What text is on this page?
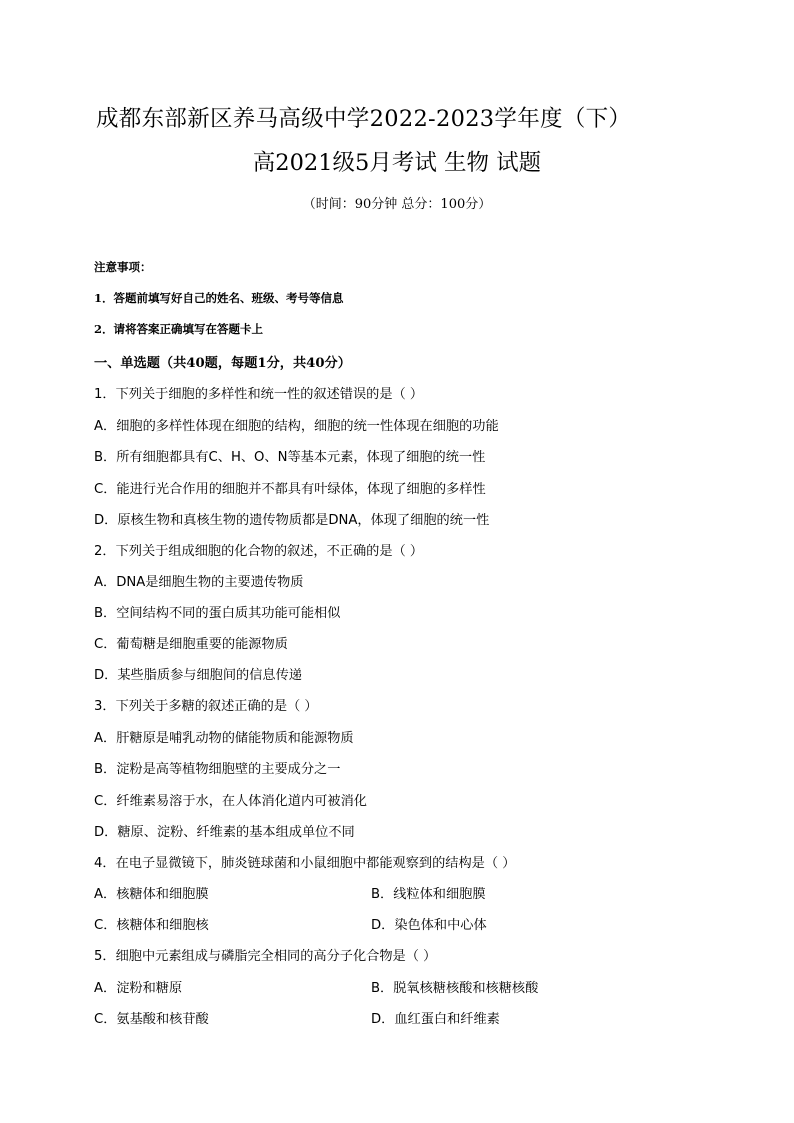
成都东部新区养马高级中学2022-2023学年度（下）
高2021级5月考试 生物 试题
（时间：90分钟 总分：100分）
注意事项：
1．答题前填写好自己的姓名、班级、考号等信息
2．请将答案正确填写在答题卡上
一、单选题（共40题，每题1分，共40分）
1．下列关于细胞的多样性和统一性的叙述错误的是（ ）
A．细胞的多样性体现在细胞的结构，细胞的统一性体现在细胞的功能
B．所有细胞都具有C、H、O、N等基本元素，体现了细胞的统一性
C．能进行光合作用的细胞并不都具有叶绿体，体现了细胞的多样性
D．原核生物和真核生物的遗传物质都是DNA，体现了细胞的统一性
2．下列关于组成细胞的化合物的叙述，不正确的是（ ）
A．DNA是细胞生物的主要遗传物质
B．空间结构不同的蛋白质其功能可能相似
C．葡萄糖是细胞重要的能源物质
D．某些脂质参与细胞间的信息传递
3．下列关于多糖的叙述正确的是（ ）
A．肝糖原是哺乳动物的储能物质和能源物质
B．淀粉是高等植物细胞壁的主要成分之一
C．纤维素易溶于水，在人体消化道内可被消化
D．糖原、淀粉、纤维素的基本组成单位不同
4．在电子显微镜下，肺炎链球菌和小鼠细胞中都能观察到的结构是（ ）
A．核糖体和细胞膜	B．线粒体和细胞膜
C．核糖体和细胞核	D．染色体和中心体
5．细胞中元素组成与磷脂完全相同的高分子化合物是（ ）
A．淀粉和糖原	B．脱氧核糖核酸和核糖核酸
C．氨基酸和核苷酸	D．血红蛋白和纤维素
